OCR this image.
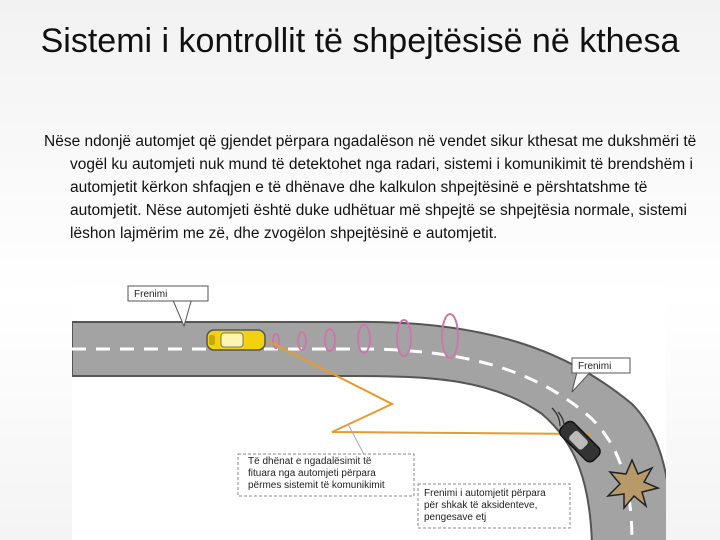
Sistemi i kontrollit të shpejtësisë në kthesa

Nëse ndonjë automjet që gjendet përpara ngadalëson në vendet sikur kthesat me dukshmëri të vogël ku automjeti nuk mund të detektohet nga radari, sistemi i komunikimit të brendshëm i automjetit kërkon shfaqjen e të dhënave dhe kalkulon shpejtësinë e përshtatshme të automjetit. Nëse automjeti është duke udhëtuar më shpejtë se shpejtësia normale, sistemi lëshon lajmërim me zë, dhe zvogëlon shpejtësinë e automjetit.

Frenimi
Frenimi
Të dhënat e ngadalësimit të
fituara nga automjeti përpara
përmes sistemit të komunikimit
Frenimi i automjetit përpara
për shkak të aksidenteve,
pengesave etj
